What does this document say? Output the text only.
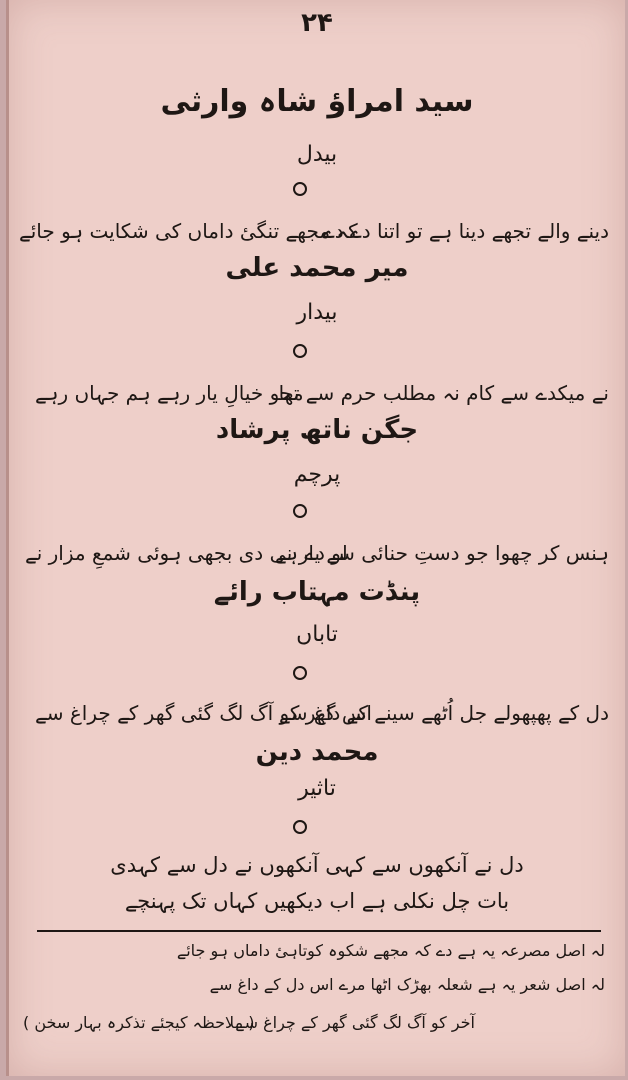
۲۴
سید امراؤ شاہ وارثی
بیدل
دینے والے تجھے دینا ہے تو اتنا دے دے
کہ مجھے تنگیٔ داماں کی شکایت ہو جائے
میر محمد علی
بیدار
نے میکدے سے کام نہ مطلب حرم سے تھا
محو خیالِ یار رہے ہم جہاں رہے
جگن ناتھ پرشاد
پرچم
ہنس کر چھوا جو دستِ حنائی سے یار نے
لو دے ہی دی بجھی ہوئی شمعِ مزار نے
پنڈت مہتاب رائے
تاباں
دل کے پھپھولے جل اُٹھے سینے کے داغ سے
اس گھر کو آگ لگ گئی گھر کے چراغ سے
محمد دین
تاثیر
دل نے آنکھوں سے کہی آنکھوں نے دل سے کہدی
بات چل نکلی ہے اب دیکھیں کہاں تک پہنچے
لہ اصل مصرعہ یہ ہے دے کہ مجھے شکوہ کوتاہیٔ داماں ہو جائے
لہ اصل شعر یہ ہے شعلہ بھڑک اٹھا مرے اس دل کے داغ سے
آخر کو آگ لگ گئی گھر کے چراغ سے
( ملاحظہ کیجئے تذکرہ بہار سخن )
